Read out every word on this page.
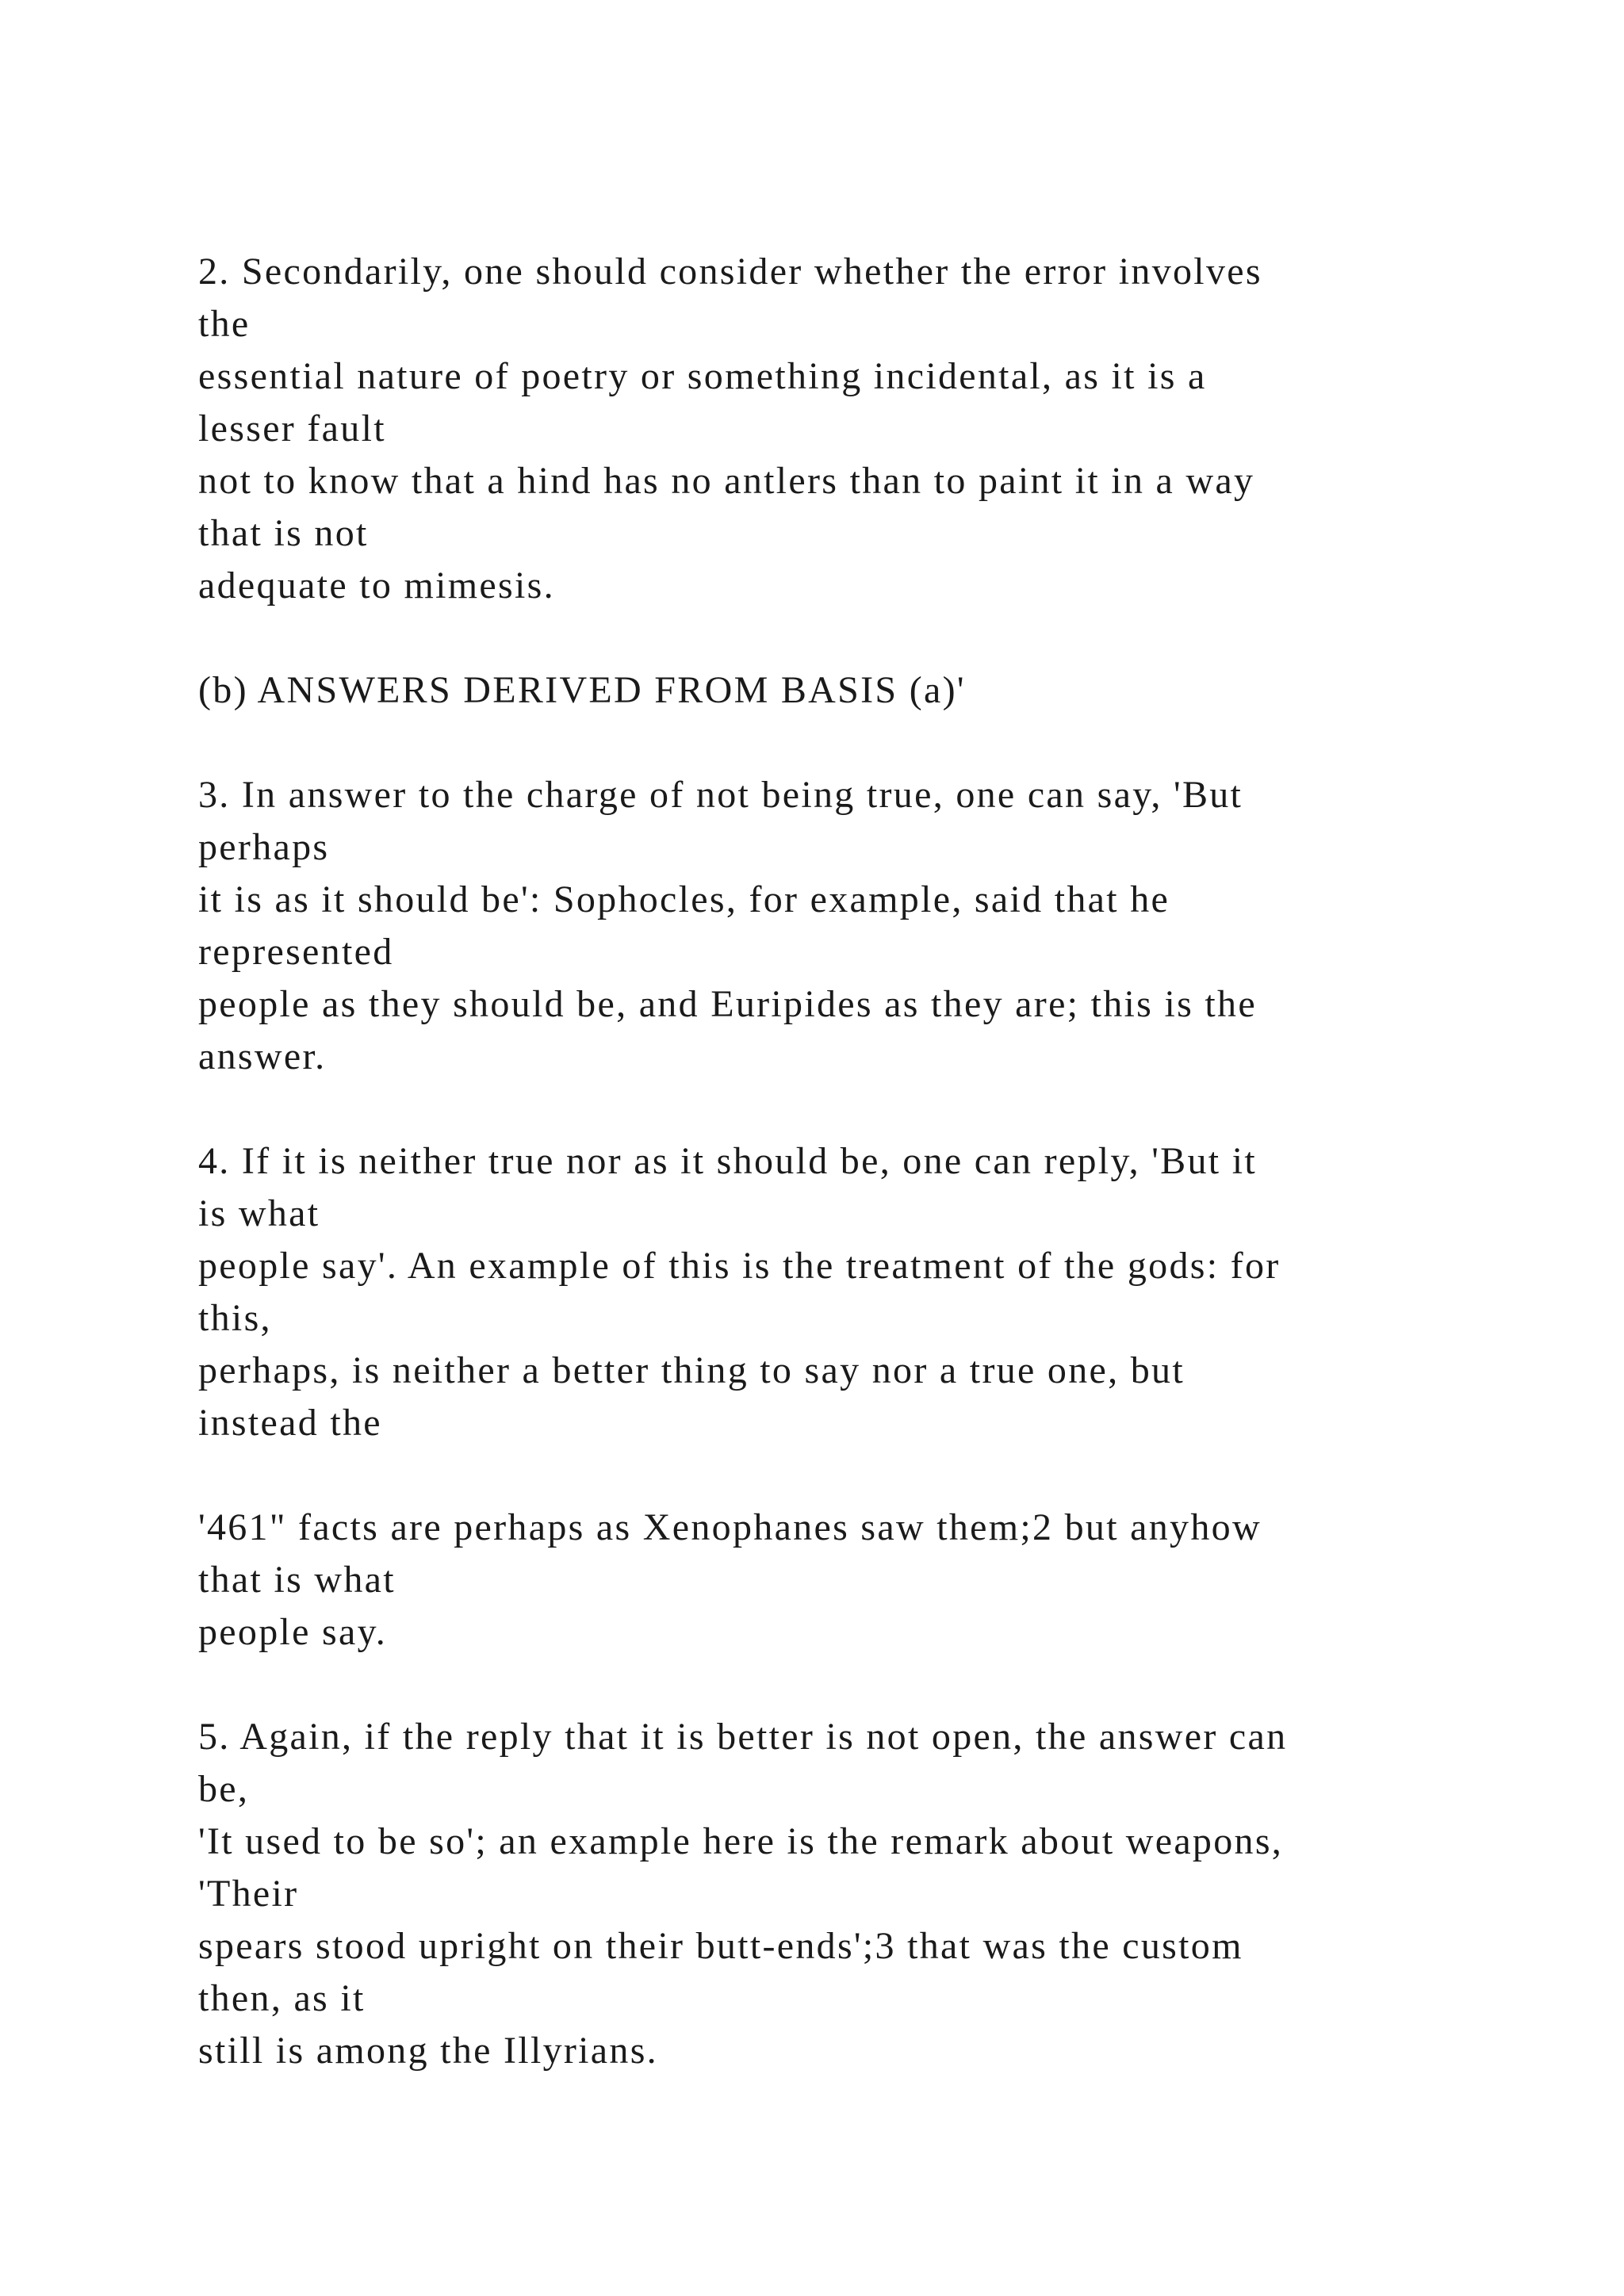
2. Secondarily, one should consider whether the error involves
the
essential nature of poetry or something incidental, as it is a
lesser fault
not to know that a hind has no antlers than to paint it in a way
that is not
adequate to mimesis.
(b) ANSWERS DERIVED FROM BASIS (a)'
3. In answer to the charge of not being true, one can say, 'But
perhaps
it is as it should be': Sophocles, for example, said that he
represented
people as they should be, and Euripides as they are; this is the
answer.
4. If it is neither true nor as it should be, one can reply, 'But it
is what
people say'. An example of this is the treatment of the gods: for
this,
perhaps, is neither a better thing to say nor a true one, but
instead the
'461" facts are perhaps as Xenophanes saw them;2 but anyhow
that is what
people say.
5. Again, if the reply that it is better is not open, the answer can
be,
'It used to be so'; an example here is the remark about weapons,
'Their
spears stood upright on their butt-ends';3 that was the custom
then, as it
still is among the Illyrians.
